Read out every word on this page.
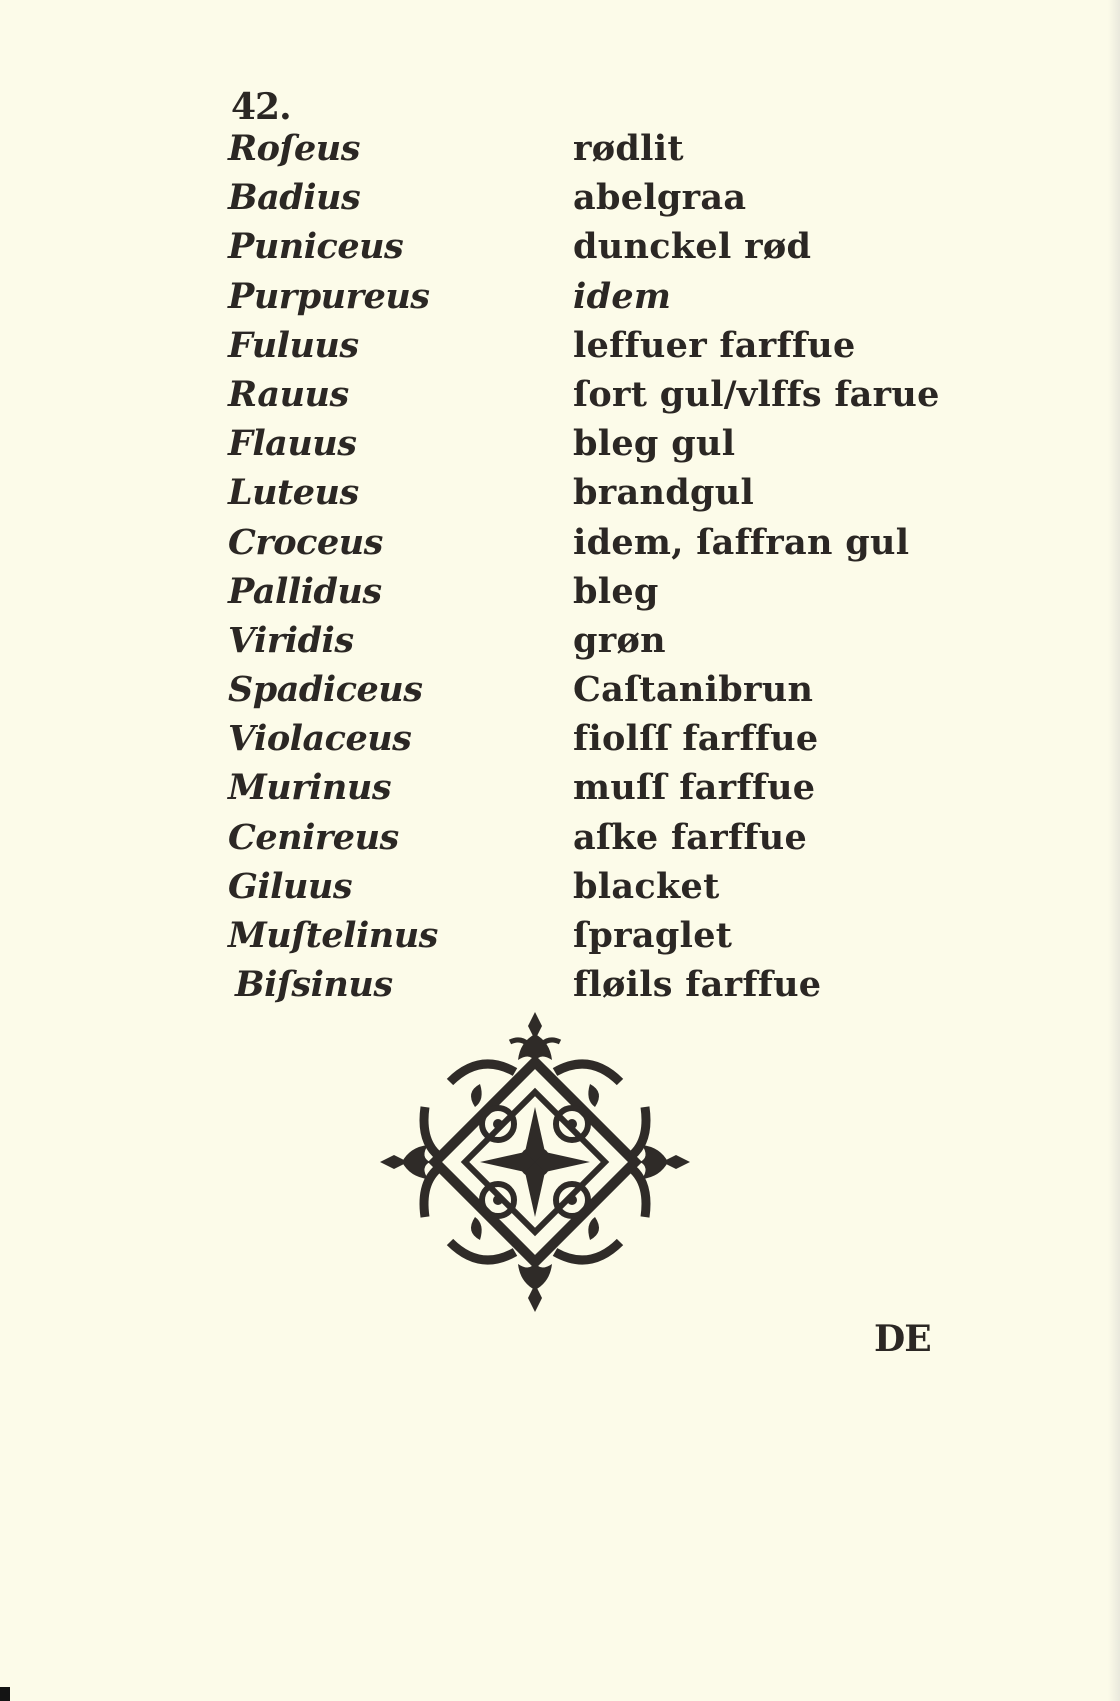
42.
Roſeus	rødlit
Badius	abelgraa
Puniceus	dunckel rød
Purpureus	idem
Fuluus	leffuer farffue
Rauus	ſort gul/vlffs farue
Flauus	bleg gul
Luteus	brandgul
Croceus	idem, ſaffran gul
Pallidus	bleg
Viridis	grøn
Spadiceus	Caſtanibrun
Violaceus	fiolſſ farffue
Murinus	muſſ farffue
Cenireus	aſke farffue
Giluus	blacket
Muſtelinus	ſpraglet
Biſsinus	fløils farffue
DE
